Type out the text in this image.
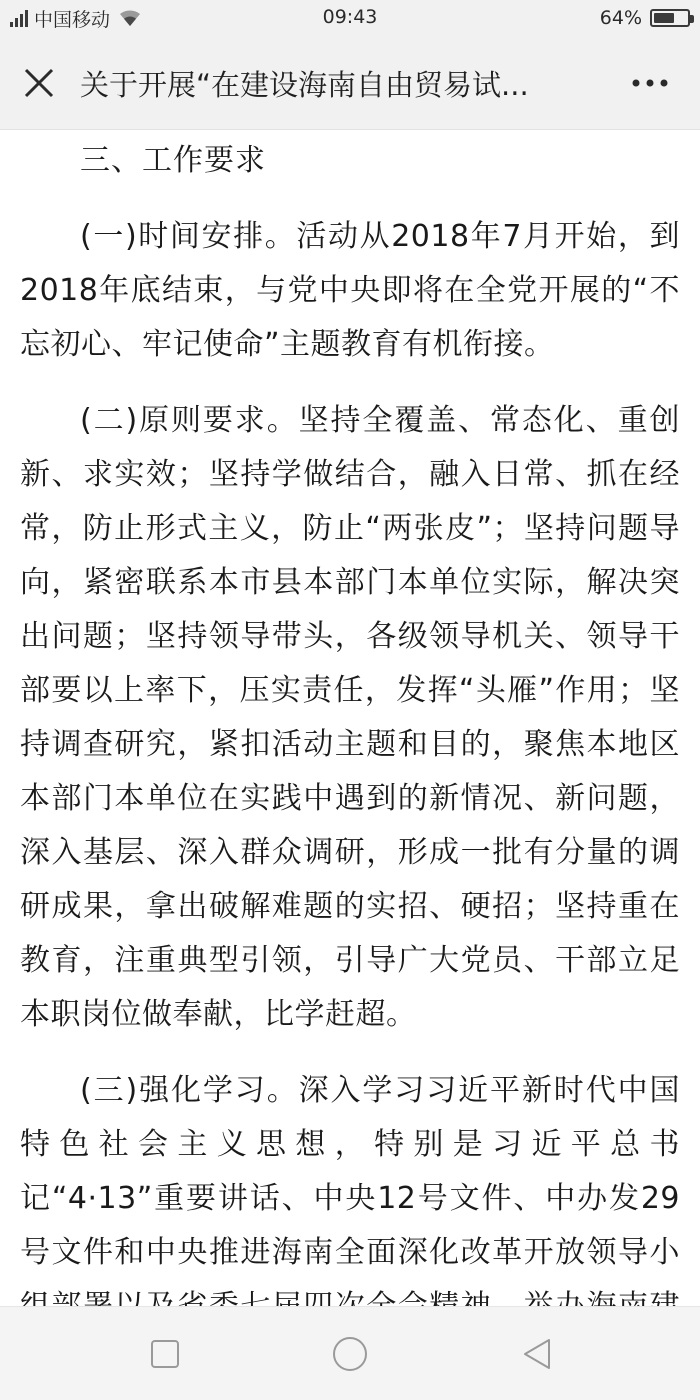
中国移动	09:43	64%
关于开展“在建设海南自由贸易试...

三、工作要求

(一)时间安排。活动从2018年7月开始，到2018年底结束，与党中央即将在全党开展的“不忘初心、牢记使命”主题教育有机衔接。

(二)原则要求。坚持全覆盖、常态化、重创新、求实效；坚持学做结合，融入日常、抓在经常，防止形式主义，防止“两张皮”；坚持问题导向，紧密联系本市县本部门本单位实际，解决突出问题；坚持领导带头，各级领导机关、领导干部要以上率下，压实责任，发挥“头雁”作用；坚持调查研究，紧扣活动主题和目的，聚焦本地区本部门本单位在实践中遇到的新情况、新问题，深入基层、深入群众调研，形成一批有分量的调研成果，拿出破解难题的实招、硬招；坚持重在教育，注重典型引领，引导广大党员、干部立足本职岗位做奉献，比学赶超。

(三)强化学习。深入学习习近平新时代中国特色社会主义思想，特别是习近平总书记“4·13”重要讲话、中央12号文件、中办发29号文件和中央推进海南全面深化改革开放领导小
